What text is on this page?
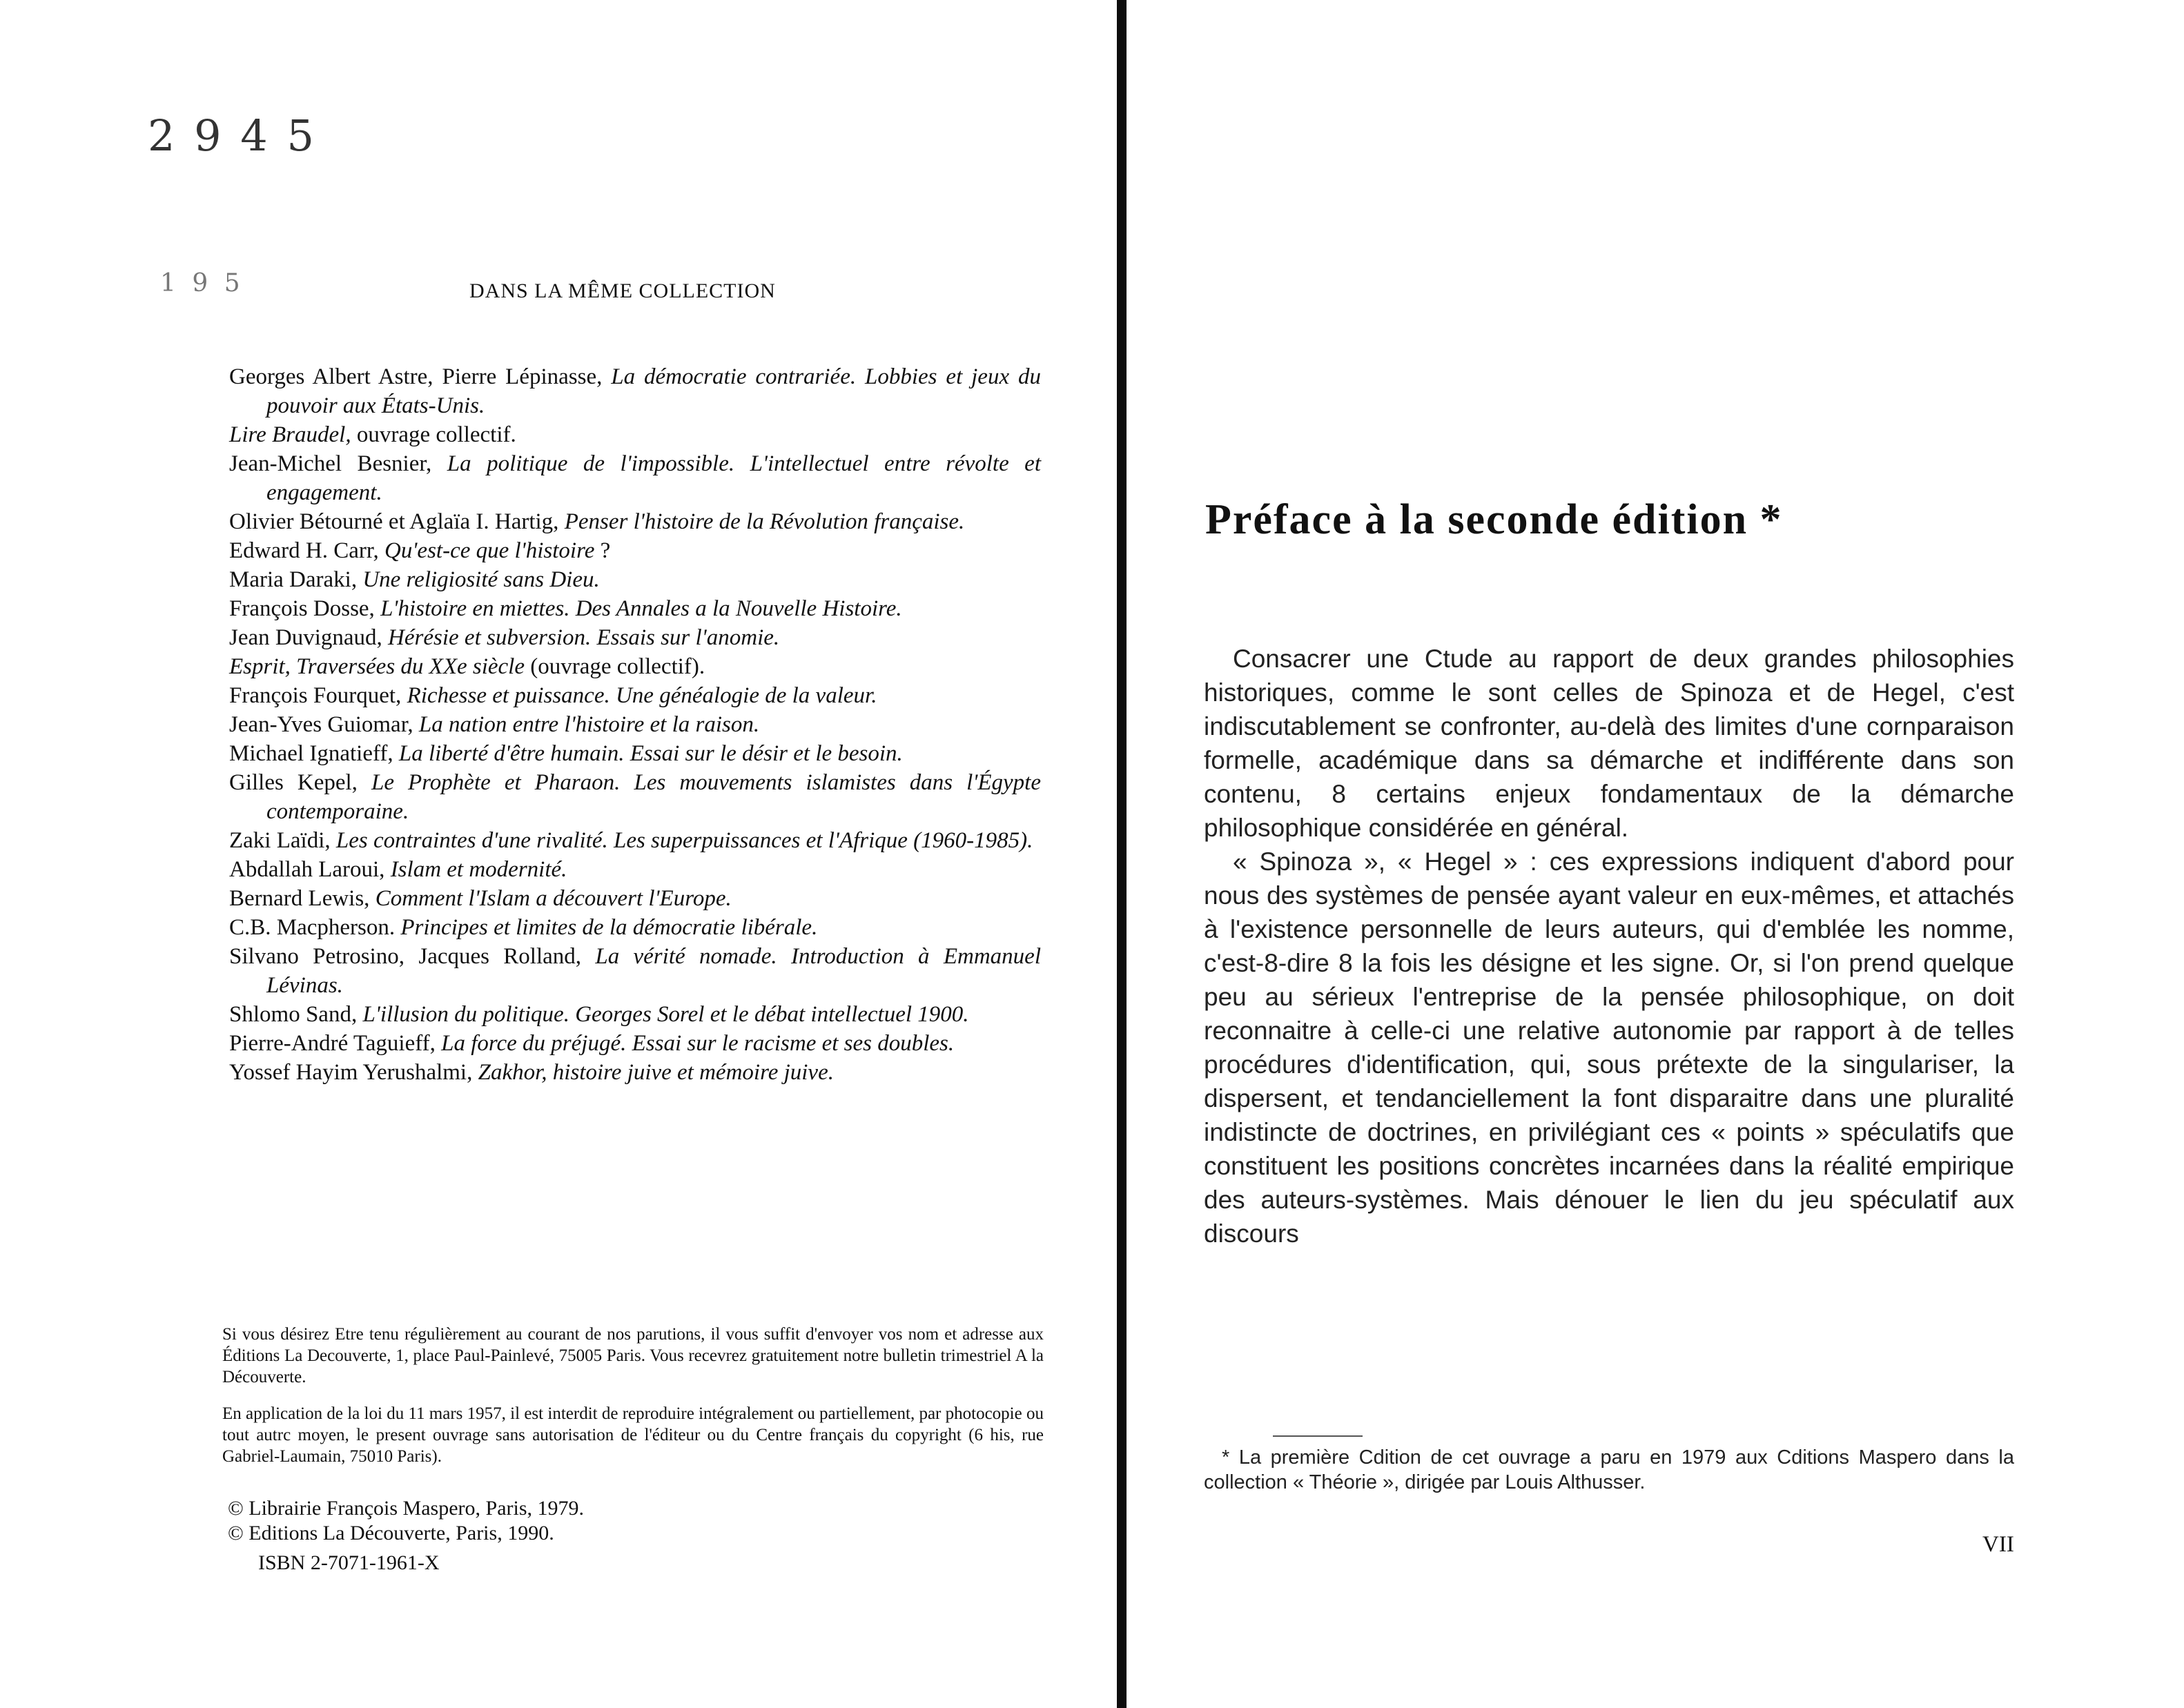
2 9 4 5
1 9 5	DANS LA MÊME COLLECTION

Georges Albert Astre, Pierre Lépinasse, La démocratie contrariée. Lobbies et jeux du pouvoir aux États-Unis.

Lire Braudel, ouvrage collectif.

Jean-Michel Besnier, La politique de l'impossible. L'intellectuel entre révolte et engagement.

Olivier Bétourné et Aglaïa I. Hartig, Penser l'histoire de la Révolution française.

Edward H. Carr, Qu'est-ce que l'histoire ?

Maria Daraki, Une religiosité sans Dieu.

François Dosse, L'histoire en miettes. Des Annales a la Nouvelle Histoire.

Jean Duvignaud, Hérésie et subversion. Essais sur l'anomie.

Esprit, Traversées du XXe siècle (ouvrage collectif).

François Fourquet, Richesse et puissance. Une généalogie de la valeur.

Jean-Yves Guiomar, La nation entre l'histoire et la raison.

Michael Ignatieff, La liberté d'être humain. Essai sur le désir et le besoin.

Gilles Kepel, Le Prophète et Pharaon. Les mouvements islamistes dans l'Égypte contemporaine.

Zaki Laïdi, Les contraintes d'une rivalité. Les superpuissances et l'Afrique (1960-1985).

Abdallah Laroui, Islam et modernité.

Bernard Lewis, Comment l'Islam a découvert l'Europe.

C.B. Macpherson. Principes et limites de la démocratie libérale.

Silvano Petrosino, Jacques Rolland, La vérité nomade. Introduction à Emmanuel Lévinas.

Shlomo Sand, L'illusion du politique. Georges Sorel et le débat intellectuel 1900.

Pierre-André Taguieff, La force du préjugé. Essai sur le racisme et ses doubles.

Yossef Hayim Yerushalmi, Zakhor, histoire juive et mémoire juive.

Si vous désirez Etre tenu régulièrement au courant de nos parutions, il vous suffit d'envoyer vos nom et adresse aux Éditions La Decouverte, 1, place Paul-Painlevé, 75005 Paris. Vous recevrez gratuitement notre bulletin trimestriel A la Découverte.

En application de la loi du 11 mars 1957, il est interdit de reproduire intégralement ou partiellement, par photocopie ou tout autrc moyen, le present ouvrage sans autorisation de l'éditeur ou du Centre français du copyright (6 his, rue Gabriel-Laumain, 75010 Paris).

© Librairie François Maspero, Paris, 1979.
© Editions La Découverte, Paris, 1990.
ISBN 2-7071-1961-X
Préface à la seconde édition *

Consacrer une Ctude au rapport de deux grandes philosophies historiques, comme le sont celles de Spinoza et de Hegel, c'est indiscutablement se confronter, au-delà des limites d'une cornparaison formelle, académique dans sa démarche et indifférente dans son contenu, 8 certains enjeux fondamentaux de la démarche philosophique considérée en général.

« Spinoza », « Hegel » : ces expressions indiquent d'abord pour nous des systèmes de pensée ayant valeur en eux-mêmes, et attachés à l'existence personnelle de leurs auteurs, qui d'emblée les nomme, c'est-8-dire 8 la fois les désigne et les signe. Or, si l'on prend quelque peu au sérieux l'entreprise de la pensée philosophique, on doit reconnaitre à celle-ci une relative autonomie par rapport à de telles procédures d'identification, qui, sous prétexte de la singulariser, la dispersent, et tendanciellement la font disparaitre dans une pluralité indistincte de doctrines, en privilégiant ces « points » spéculatifs que constituent les positions concrètes incarnées dans la réalité empirique des auteurs-systèmes. Mais dénouer le lien du jeu spéculatif aux discours

* La première Cdition de cet ouvrage a paru en 1979 aux Cditions Maspero dans la collection « Théorie », dirigée par Louis Althusser.
VII
